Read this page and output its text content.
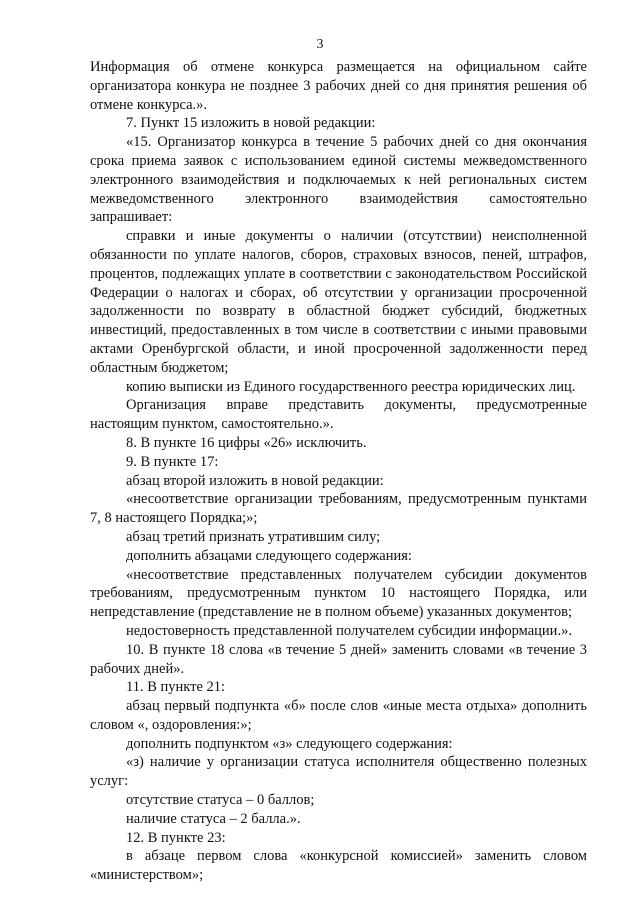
3

Информация об отмене конкурса размещается на официальном сайте организатора конкура не позднее 3 рабочих дней со дня принятия решения об отмене конкурса.».

7. Пункт 15 изложить в новой редакции:

«15. Организатор конкурса в течение 5 рабочих дней со дня окончания срока приема заявок с использованием единой системы межведомственного электронного взаимодействия и подключаемых к ней региональных систем межведомственного электронного взаимодействия самостоятельно запрашивает:

справки и иные документы о наличии (отсутствии) неисполненной обязанности по уплате налогов, сборов, страховых взносов, пеней, штрафов, процентов, подлежащих уплате в соответствии с законодательством Российской Федерации о налогах и сборах, об отсутствии у организации просроченной задолженности по возврату в областной бюджет субсидий, бюджетных инвестиций, предоставленных в том числе в соответствии с иными правовыми актами Оренбургской области, и иной просроченной задолженности перед областным бюджетом;

копию выписки из Единого государственного реестра юридических лиц.

Организация вправе представить документы, предусмотренные настоящим пунктом, самостоятельно.».

8. В пункте 16 цифры «26» исключить.

9. В пункте 17:

абзац второй изложить в новой редакции:

«несоответствие организации требованиям, предусмотренным пунктами 7, 8 настоящего Порядка;»;

абзац третий признать утратившим силу;

дополнить абзацами следующего содержания:

«несоответствие представленных получателем субсидии документов требованиям, предусмотренным пунктом 10 настоящего Порядка, или непредставление (представление не в полном объеме) указанных документов;

недостоверность представленной получателем субсидии информации.».

10. В пункте 18 слова «в течение 5 дней» заменить словами «в течение 3 рабочих дней».

11. В пункте 21:

абзац первый подпункта «б» после слов «иные места отдыха» дополнить словом «, оздоровления:»;

дополнить подпунктом «з» следующего содержания:

«з) наличие у организации статуса исполнителя общественно полезных услуг:

отсутствие статуса – 0 баллов;

наличие статуса – 2 балла.».

12. В пункте 23:

в абзаце первом слова «конкурсной комиссией» заменить словом «министерством»;
